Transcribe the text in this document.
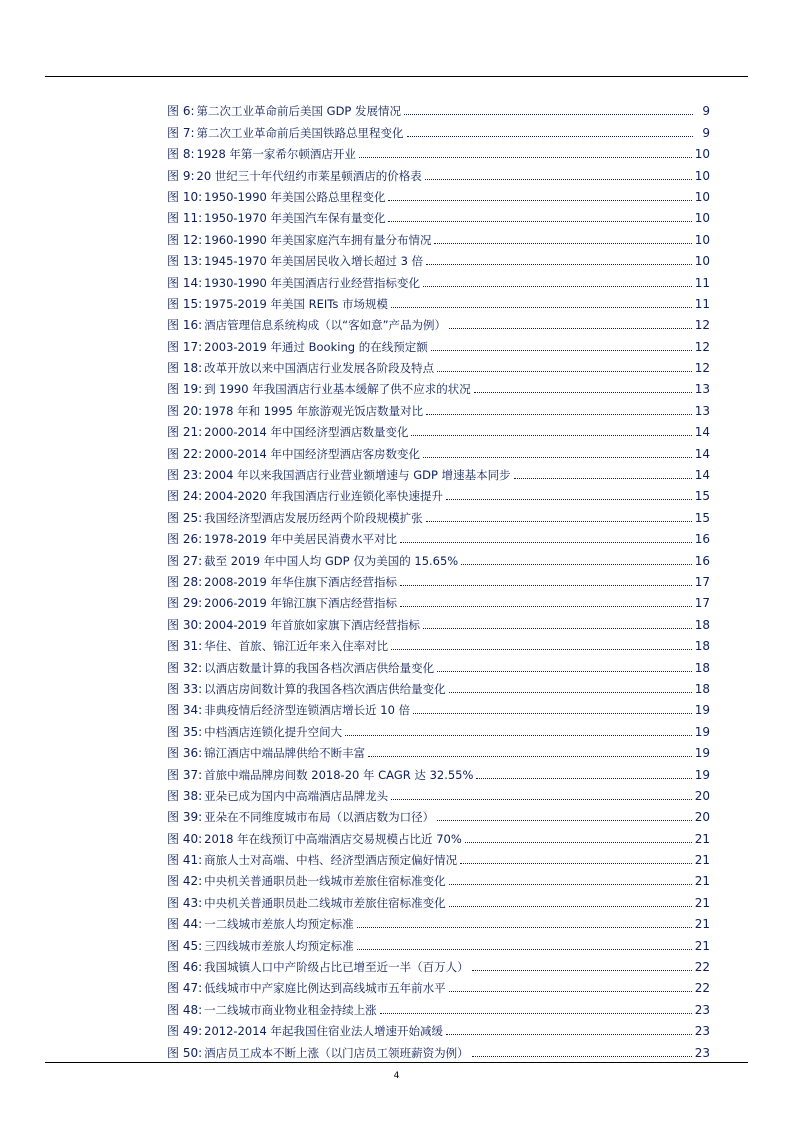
图 6: 第二次工业革命前后美国 GDP 发展情况	9
图 7: 第二次工业革命前后美国铁路总里程变化	9
图 8: 1928 年第一家希尔顿酒店开业	10
图 9: 20 世纪三十年代纽约市莱星顿酒店的价格表	10
图 10: 1950-1990 年美国公路总里程变化	10
图 11: 1950-1970 年美国汽车保有量变化	10
图 12: 1960-1990 年美国家庭汽车拥有量分布情况	10
图 13: 1945-1970 年美国居民收入增长超过 3 倍	10
图 14: 1930-1990 年美国酒店行业经营指标变化	11
图 15: 1975-2019 年美国 REITs 市场规模	11
图 16: 酒店管理信息系统构成（以“客如意”产品为例）	12
图 17: 2003-2019 年通过 Booking 的在线预定额	12
图 18: 改革开放以来中国酒店行业发展各阶段及特点	12
图 19: 到 1990 年我国酒店行业基本缓解了供不应求的状况	13
图 20: 1978 年和 1995 年旅游观光饭店数量对比	13
图 21: 2000-2014 年中国经济型酒店数量变化	14
图 22: 2000-2014 年中国经济型酒店客房数变化	14
图 23: 2004 年以来我国酒店行业营业额增速与 GDP 增速基本同步	14
图 24: 2004-2020 年我国酒店行业连锁化率快速提升	15
图 25: 我国经济型酒店发展历经两个阶段规模扩张	15
图 26: 1978-2019 年中美居民消费水平对比	16
图 27: 截至 2019 年中国人均 GDP 仅为美国的 15.65%	16
图 28: 2008-2019 年华住旗下酒店经营指标	17
图 29: 2006-2019 年锦江旗下酒店经营指标	17
图 30: 2004-2019 年首旅如家旗下酒店经营指标	18
图 31: 华住、首旅、锦江近年来入住率对比	18
图 32: 以酒店数量计算的我国各档次酒店供给量变化	18
图 33: 以酒店房间数计算的我国各档次酒店供给量变化	18
图 34: 非典疫情后经济型连锁酒店增长近 10 倍	19
图 35: 中档酒店连锁化提升空间大	19
图 36: 锦江酒店中端品牌供给不断丰富	19
图 37: 首旅中端品牌房间数 2018-20 年 CAGR 达 32.55%	19
图 38: 亚朵已成为国内中高端酒店品牌龙头	20
图 39: 亚朵在不同维度城市布局（以酒店数为口径）	20
图 40: 2018 年在线预订中高端酒店交易规模占比近 70%	21
图 41: 商旅人士对高端、中档、经济型酒店预定偏好情况	21
图 42: 中央机关普通职员赴一线城市差旅住宿标准变化	21
图 43: 中央机关普通职员赴二线城市差旅住宿标准变化	21
图 44: 一二线城市差旅人均预定标准	21
图 45: 三四线城市差旅人均预定标准	21
图 46: 我国城镇人口中产阶级占比已增至近一半（百万人）	22
图 47: 低线城市中产家庭比例达到高线城市五年前水平	22
图 48: 一二线城市商业物业租金持续上涨	23
图 49: 2012-2014 年起我国住宿业法人增速开始减缓	23
图 50: 酒店员工成本不断上涨（以门店员工领班薪资为例）	23
4
